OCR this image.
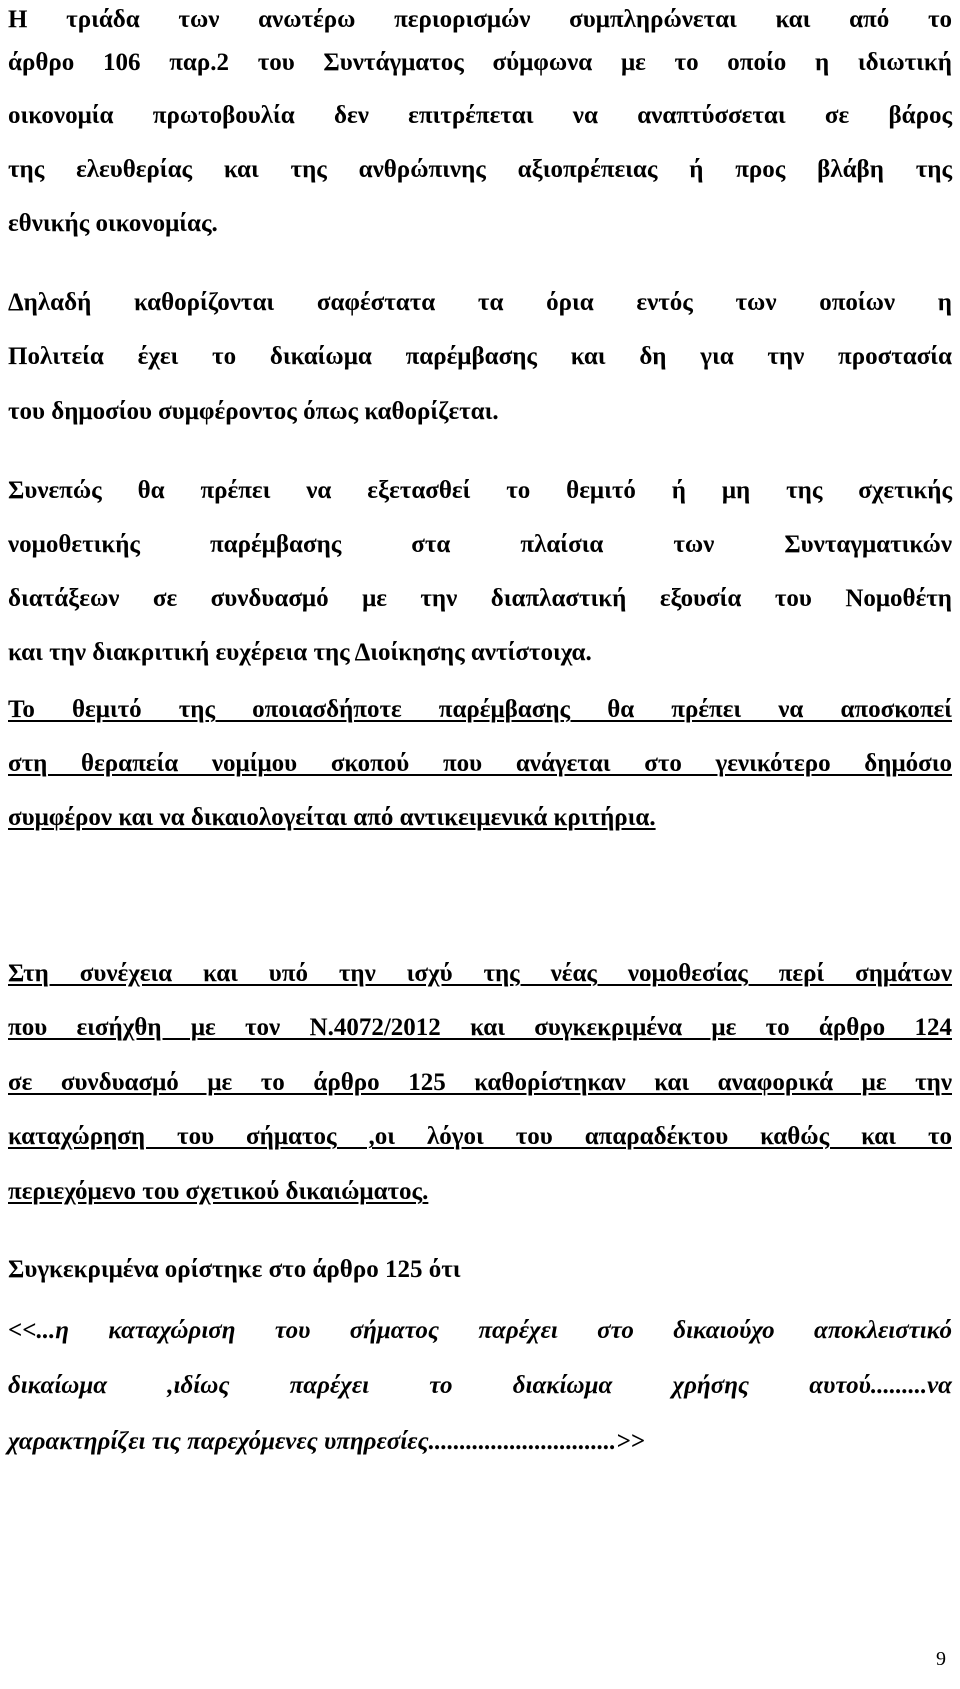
Η τριάδα των ανωτέρω περιορισμών συμπληρώνεται και από το
άρθρο 106 παρ.2 του Συντάγματος σύμφωνα με το οποίο η ιδιωτική
οικονομία πρωτοβουλία δεν επιτρέπεται να αναπτύσσεται σε βάρος
της ελευθερίας και της ανθρώπινης αξιοπρέπειας ή προς βλάβη της
εθνικής οικονομίας.
Δηλαδή καθορίζονται σαφέστατα τα όρια εντός των οποίων η
Πολιτεία έχει το δικαίωμα παρέμβασης και δη για την προστασία
του δημοσίου συμφέροντος όπως καθορίζεται.
Συνεπώς θα πρέπει να εξετασθεί το θεμιτό ή μη της σχετικής
νομοθετικής παρέμβασης στα πλαίσια των Συνταγματικών
διατάξεων σε συνδυασμό με την διαπλαστική εξουσία του Νομοθέτη
και την διακριτική ευχέρεια της Διοίκησης αντίστοιχα.
Το θεμιτό της οποιασδήποτε παρέμβασης θα πρέπει να αποσκοπεί
στη θεραπεία νομίμου σκοπού που ανάγεται στο γενικότερο δημόσιο
συμφέρον και να δικαιολογείται από αντικειμενικά κριτήρια.
Στη συνέχεια και υπό την ισχύ της νέας νομοθεσίας περί σημάτων
που εισήχθη με τον Ν.4072/2012 και συγκεκριμένα με το άρθρο 124
σε συνδυασμό με το άρθρο 125 καθορίστηκαν και αναφορικά με την
καταχώρηση του σήματος ,οι λόγοι του απαραδέκτου καθώς και το
περιεχόμενο του σχετικού δικαιώματος.
Συγκεκριμένα ορίστηκε στο άρθρο 125 ότι
<<...η καταχώριση του σήματος παρέχει στο δικαιούχο αποκλειστικό
δικαίωμα ,ιδίως παρέχει το διακίωμα χρήσης αυτού.........να
χαρακτηρίζει τις παρεχόμενες υπηρεσίες..............................>>
9
